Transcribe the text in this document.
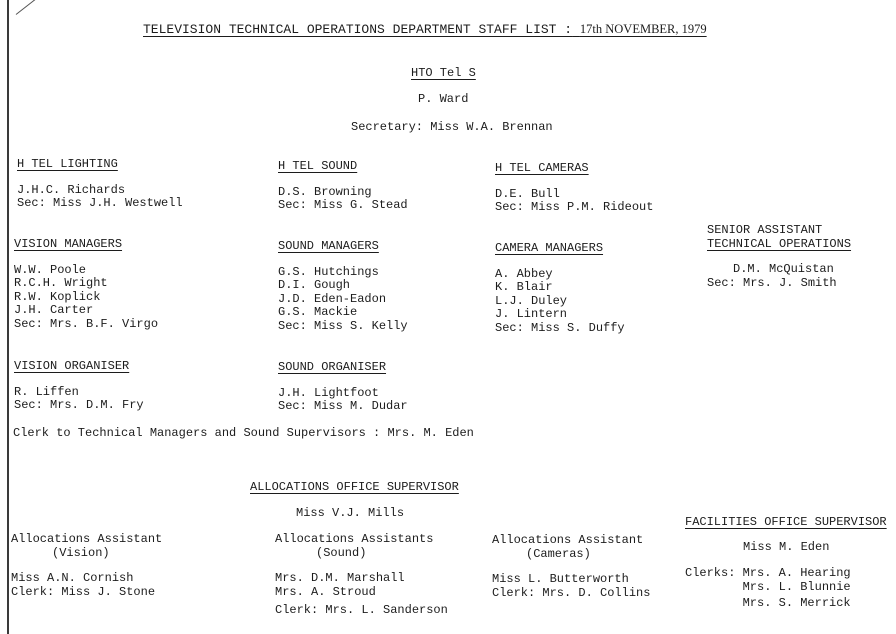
TELEVISION TECHNICAL OPERATIONS DEPARTMENT STAFF LIST : 17th NOVEMBER, 1979
HTO Tel S
P. Ward
Secretary: Miss W.A. Brennan
H TEL LIGHTING
J.H.C. Richards
Sec: Miss J.H. Westwell
H TEL SOUND
D.S. Browning
Sec: Miss G. Stead
H TEL CAMERAS
D.E. Bull
Sec: Miss P.M. Rideout
VISION MANAGERS
W.W. Poole
R.C.H. Wright
R.W. Koplick
J.H. Carter
Sec: Mrs. B.F. Virgo
SOUND MANAGERS
G.S. Hutchings
D.I. Gough
J.D. Eden-Eadon
G.S. Mackie
Sec: Miss S. Kelly
CAMERA MANAGERS
A. Abbey
K. Blair
L.J. Duley
J. Lintern
Sec: Miss S. Duffy
SENIOR ASSISTANT
TECHNICAL OPERATIONS
D.M. McQuistan
Sec: Mrs. J. Smith
VISION ORGANISER
R. Liffen
Sec: Mrs. D.M. Fry
SOUND ORGANISER
J.H. Lightfoot
Sec: Miss M. Dudar
Clerk to Technical Managers and Sound Supervisors : Mrs. M. Eden
ALLOCATIONS OFFICE SUPERVISOR
Miss V.J. Mills
Allocations Assistant
(Vision)
Miss A.N. Cornish
Clerk: Miss J. Stone
Allocations Assistants
(Sound)
Mrs. D.M. Marshall
Mrs. A. Stroud
Clerk: Mrs. L. Sanderson
Allocations Assistant
(Cameras)
Miss L. Butterworth
Clerk: Mrs. D. Collins
FACILITIES OFFICE SUPERVISOR
Miss M. Eden
Clerks: Mrs. A. Hearing
Mrs. L. Blunnie
Mrs. S. Merrick
